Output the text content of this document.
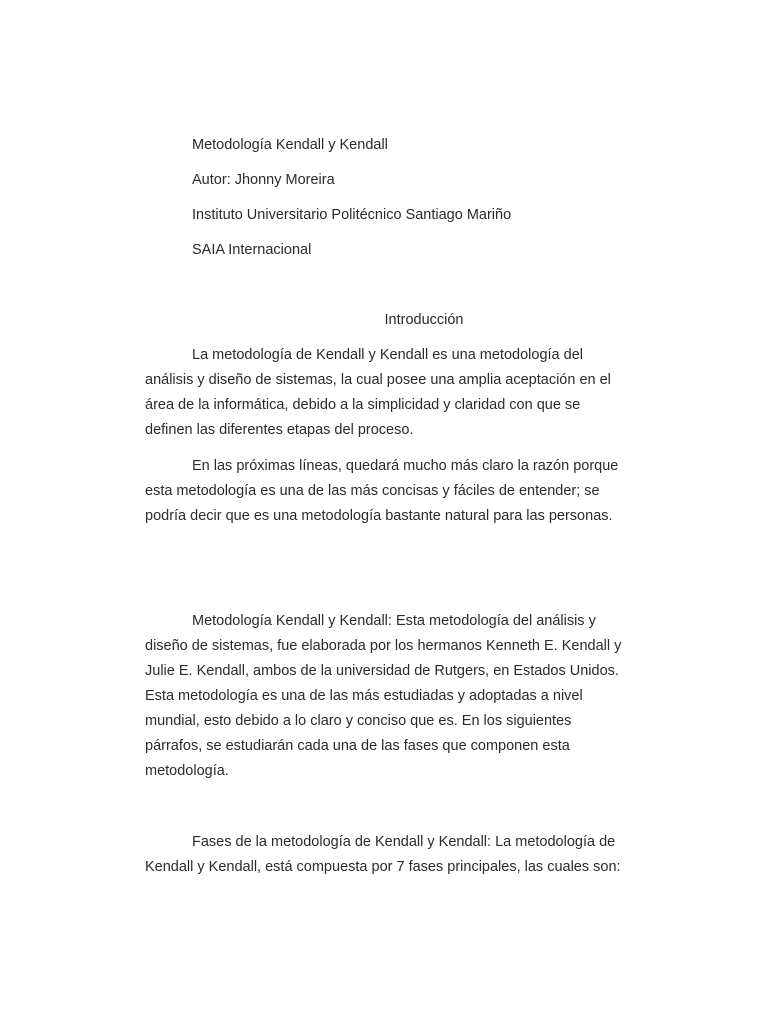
Metodología Kendall y Kendall

Autor: Jhonny Moreira

Instituto Universitario Politécnico Santiago Mariño

SAIA Internacional

Introducción

La metodología de Kendall y Kendall es una metodología del
análisis y diseño de sistemas, la cual posee una amplia aceptación en el
área de la informática, debido a la simplicidad y claridad con que se
definen las diferentes etapas del proceso.
En las próximas líneas, quedará mucho más claro la razón porque
esta metodología es una de las más concisas y fáciles de entender; se
podría decir que es una metodología bastante natural para las personas.
Metodología Kendall y Kendall: Esta metodología del análisis y
diseño de sistemas, fue elaborada por los hermanos Kenneth E. Kendall y
Julie E. Kendall, ambos de la universidad de Rutgers, en Estados Unidos.
Esta metodología es una de las más estudiadas y adoptadas a nivel
mundial, esto debido a lo claro y conciso que es. En los siguientes
párrafos, se estudiarán cada una de las fases que componen esta
metodología.
Fases de la metodología de Kendall y Kendall: La metodología de
Kendall y Kendall, está compuesta por 7 fases principales, las cuales son:
